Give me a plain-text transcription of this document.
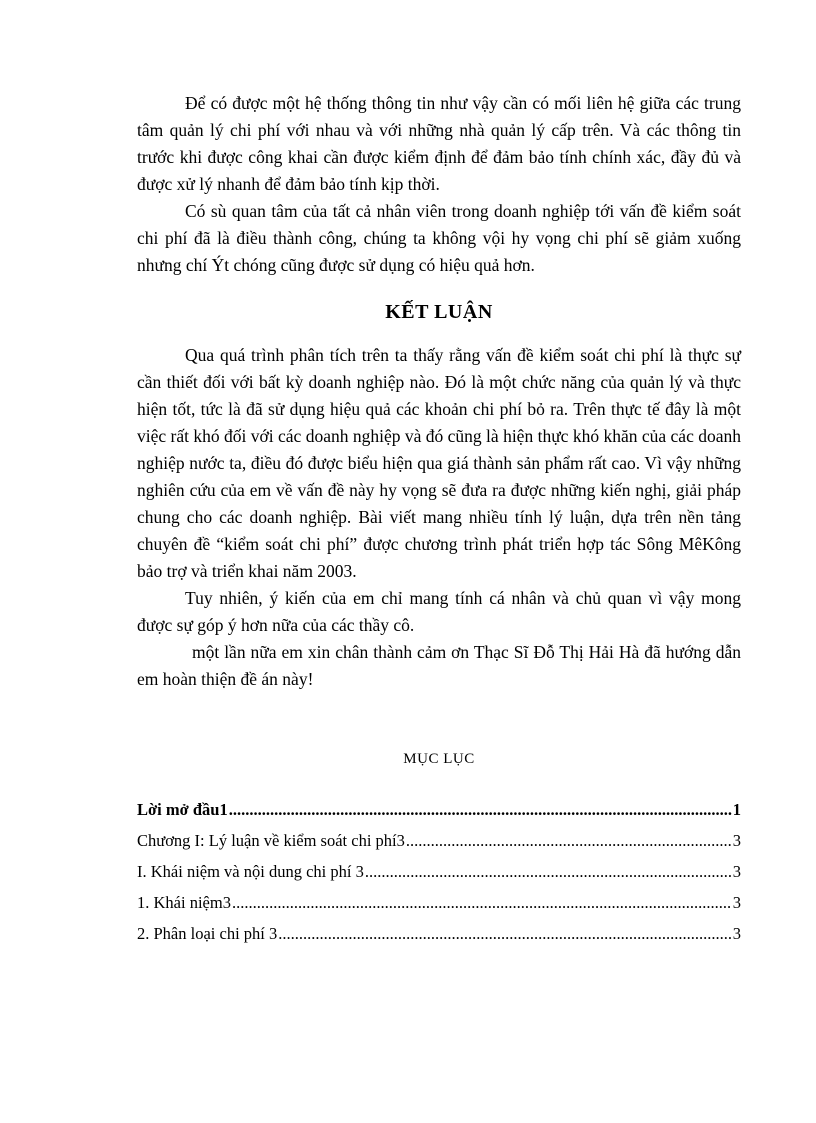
Để có được một hệ thống thông tin như vậy cần có mối liên hệ giữa các trung tâm quản lý chi phí với nhau và với những nhà quản lý cấp trên. Và các thông tin trước khi được công khai cần được kiểm định để đảm bảo tính chính xác, đầy đủ và được xử lý nhanh để đảm bảo tính kịp thời.

Có sù quan tâm của tất cả nhân viên trong doanh nghiệp tới vấn đề kiểm soát chi phí đã là điều thành công, chúng ta không vội hy vọng chi phí sẽ giảm xuống nhưng chí Ýt chóng cũng được sử dụng có hiệu quả hơn.

KẾT LUẬN

Qua quá trình phân tích trên ta thấy rằng vấn đề kiểm soát chi phí là thực sự cần thiết đối với bất kỳ doanh nghiệp nào. Đó là một chức năng của quản lý và thực hiện tốt, tức là đã sử dụng hiệu quả các khoản chi phí bỏ ra. Trên thực tế đây là một việc rất khó đối với các doanh nghiệp và đó cũng là hiện thực khó khăn của các doanh nghiệp nước ta, điều đó được biểu hiện qua giá thành sản phẩm rất cao. Vì vậy những nghiên cứu của em về vấn đề này hy vọng sẽ đưa ra được những kiến nghị, giải pháp chung cho các doanh nghiệp. Bài viết mang nhiều tính lý luận, dựa trên nền tảng chuyên đề “kiểm soát chi phí” được chương trình phát triển hợp tác Sông MêKông bảo trợ và triển khai năm 2003.

Tuy nhiên, ý kiến của em chỉ mang tính cá nhân và chủ quan vì vậy mong được sự góp ý hơn nữa của các thầy cô.

một lần nữa em xin chân thành cảm ơn Thạc Sĩ Đỗ Thị Hải Hà đã hướng dẫn em hoàn thiện đề án này!

MỤC LỤC
Lời mở đầu1 .....	1
Chương I: Lý luận về kiểm soát chi phí3 .....	3
I. Khái niệm và nội dung chi phí 3 .....	3
1. Khái niệm3 .....	3
2. Phân loại chi phí 3 .....	3
